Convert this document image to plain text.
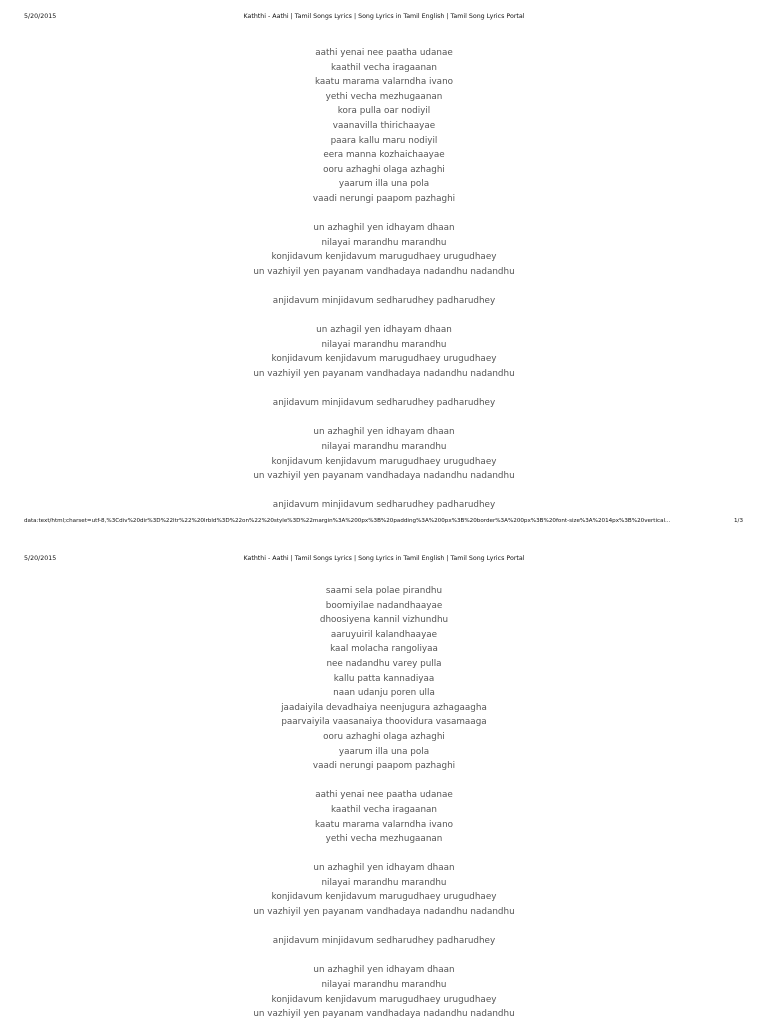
5/20/2015	Kaththi - Aathi | Tamil Songs Lyrics | Song Lyrics in Tamil English | Tamil Song Lyrics Portal
aathi yenai nee paatha udanae
kaathil vecha iragaanan
kaatu marama valarndha ivano
yethi vecha mezhugaanan
kora pulla oar nodiyil
vaanavilla thirichaayae
paara kallu maru nodiyil
eera manna kozhaichaayae
ooru azhaghi olaga azhaghi
yaarum illa una pola
vaadi nerungi paapom pazhaghi
un azhaghil yen idhayam dhaan
nilayai marandhu marandhu
konjidavum kenjidavum marugudhaey urugudhaey
un vazhiyil yen payanam vandhadaya nadandhu nadandhu
anjidavum minjidavum sedharudhey padharudhey
un azhagil yen idhayam dhaan
nilayai marandhu marandhu
konjidavum kenjidavum marugudhaey urugudhaey
un vazhiyil yen payanam vandhadaya nadandhu nadandhu
anjidavum minjidavum sedharudhey padharudhey
un azhaghil yen idhayam dhaan
nilayai marandhu marandhu
konjidavum kenjidavum marugudhaey urugudhaey
un vazhiyil yen payanam vandhadaya nadandhu nadandhu
anjidavum minjidavum sedharudhey padharudhey
data:text/html;charset=utf-8,%3Cdiv%20dir%3D%22ltr%22%20lrbld%3D%22on%22%20style%3D%22margin%3A%200px%3B%20padding%3A%200px%3B%20border%3A%200px%3B%20font-size%3A%2014px%3B%20vertical...	1/3
5/20/2015	Kaththi - Aathi | Tamil Songs Lyrics | Song Lyrics in Tamil English | Tamil Song Lyrics Portal
saami sela polae pirandhu
boomiyilae nadandhaayae
dhoosiyena kannil vizhundhu
aaruyuiril kalandhaayae
kaal molacha rangoliyaa
nee nadandhu varey pulla
kallu patta kannadiyaa
naan udanju poren ulla
jaadaiyila devadhaiya neenjugura azhagaagha
paarvaiyila vaasanaiya thoovidura vasamaaga
ooru azhaghi olaga azhaghi
yaarum illa una pola
vaadi nerungi paapom pazhaghi
aathi yenai nee paatha udanae
kaathil vecha iragaanan
kaatu marama valarndha ivano
yethi vecha mezhugaanan
un azhaghil yen idhayam dhaan
nilayai marandhu marandhu
konjidavum kenjidavum marugudhaey urugudhaey
un vazhiyil yen payanam vandhadaya nadandhu nadandhu
anjidavum minjidavum sedharudhey padharudhey
un azhaghil yen idhayam dhaan
nilayai marandhu marandhu
konjidavum kenjidavum marugudhaey urugudhaey
un vazhiyil yen payanam vandhadaya nadandhu nadandhu
